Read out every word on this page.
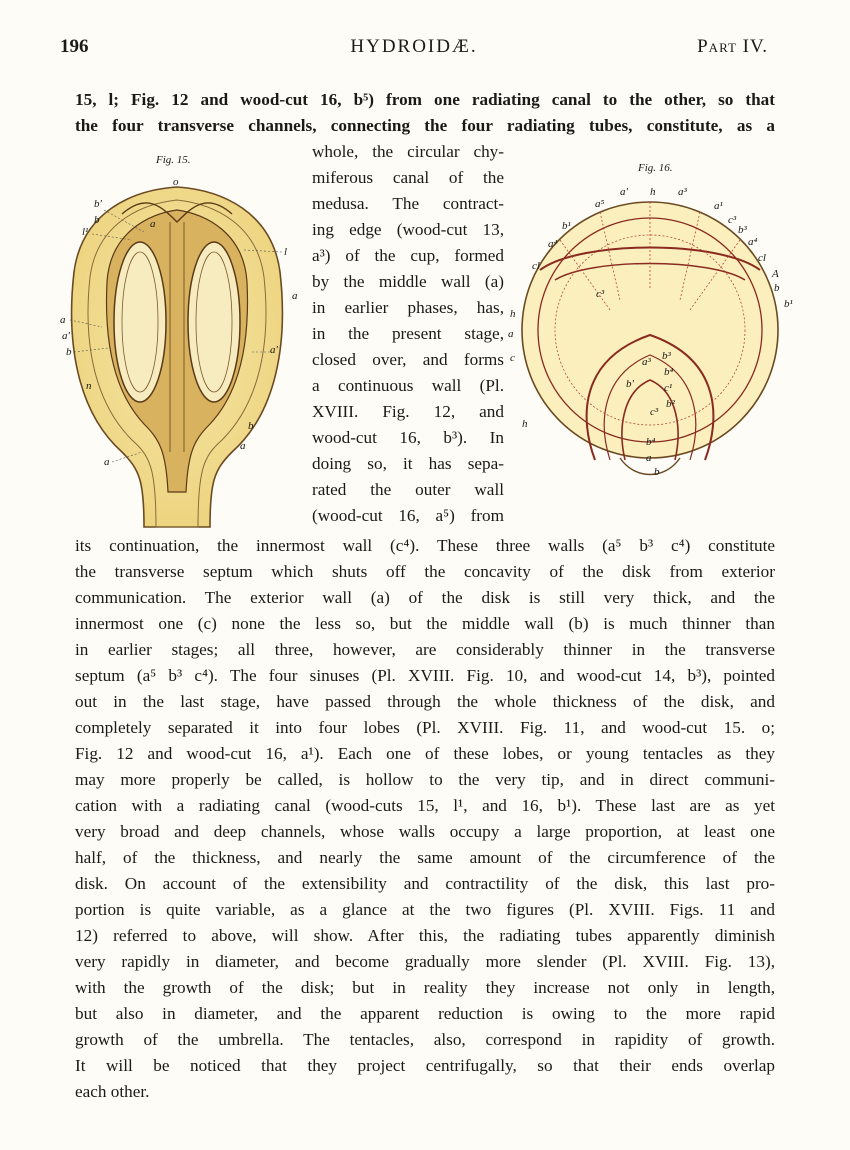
196	HYDROIDÆ.	Part IV.
Fig. 15.
o
b'
l¹
b	a
l
a
a
a'
b
n
a'
b
a
a
Fig. 16.
a⁵
a' h a³
a¹
b¹	c³
b³
a⁴	a⁴
cl
cl
A
b
b¹
c³
h
a
c	a³ b³
b'
b⁴
c¹
c³
b²
b⁴
a
b
h
15, l; Fig. 12 and wood-cut 16, b⁵) from one radiating canal to the other, so that
the four transverse channels, connecting the four radiating tubes, constitute, as a
whole, the circular chy-
miferous canal of the
medusa. The contract-
ing edge (wood-cut 13,
a³) of the cup, formed
by the middle wall (a)
in earlier phases, has,
in the present stage,
closed over, and forms
a continuous wall (Pl.
XVIII. Fig. 12, and
wood-cut 16, b³). In
doing so, it has sepa-
rated the outer wall
(wood-cut 16, a⁵) from
its continuation, the innermost wall (c⁴). These three walls (a⁵ b³ c⁴) constitute
the transverse septum which shuts off the concavity of the disk from exterior
communication. The exterior wall (a) of the disk is still very thick, and the
innermost one (c) none the less so, but the middle wall (b) is much thinner than
in earlier stages; all three, however, are considerably thinner in the transverse
septum (a⁵ b³ c⁴). The four sinuses (Pl. XVIII. Fig. 10, and wood-cut 14, b³), pointed
out in the last stage, have passed through the whole thickness of the disk, and
completely separated it into four lobes (Pl. XVIII. Fig. 11, and wood-cut 15. o;
Fig. 12 and wood-cut 16, a¹). Each one of these lobes, or young tentacles as they
may more properly be called, is hollow to the very tip, and in direct communi-
cation with a radiating canal (wood-cuts 15, l¹, and 16, b¹). These last are as yet
very broad and deep channels, whose walls occupy a large proportion, at least one
half, of the thickness, and nearly the same amount of the circumference of the
disk. On account of the extensibility and contractility of the disk, this last pro-
portion is quite variable, as a glance at the two figures (Pl. XVIII. Figs. 11 and
12) referred to above, will show. After this, the radiating tubes apparently diminish
very rapidly in diameter, and become gradually more slender (Pl. XVIII. Fig. 13),
with the growth of the disk; but in reality they increase not only in length,
but also in diameter, and the apparent reduction is owing to the more rapid
growth of the umbrella. The tentacles, also, correspond in rapidity of growth.
It will be noticed that they project centrifugally, so that their ends overlap
each other.
